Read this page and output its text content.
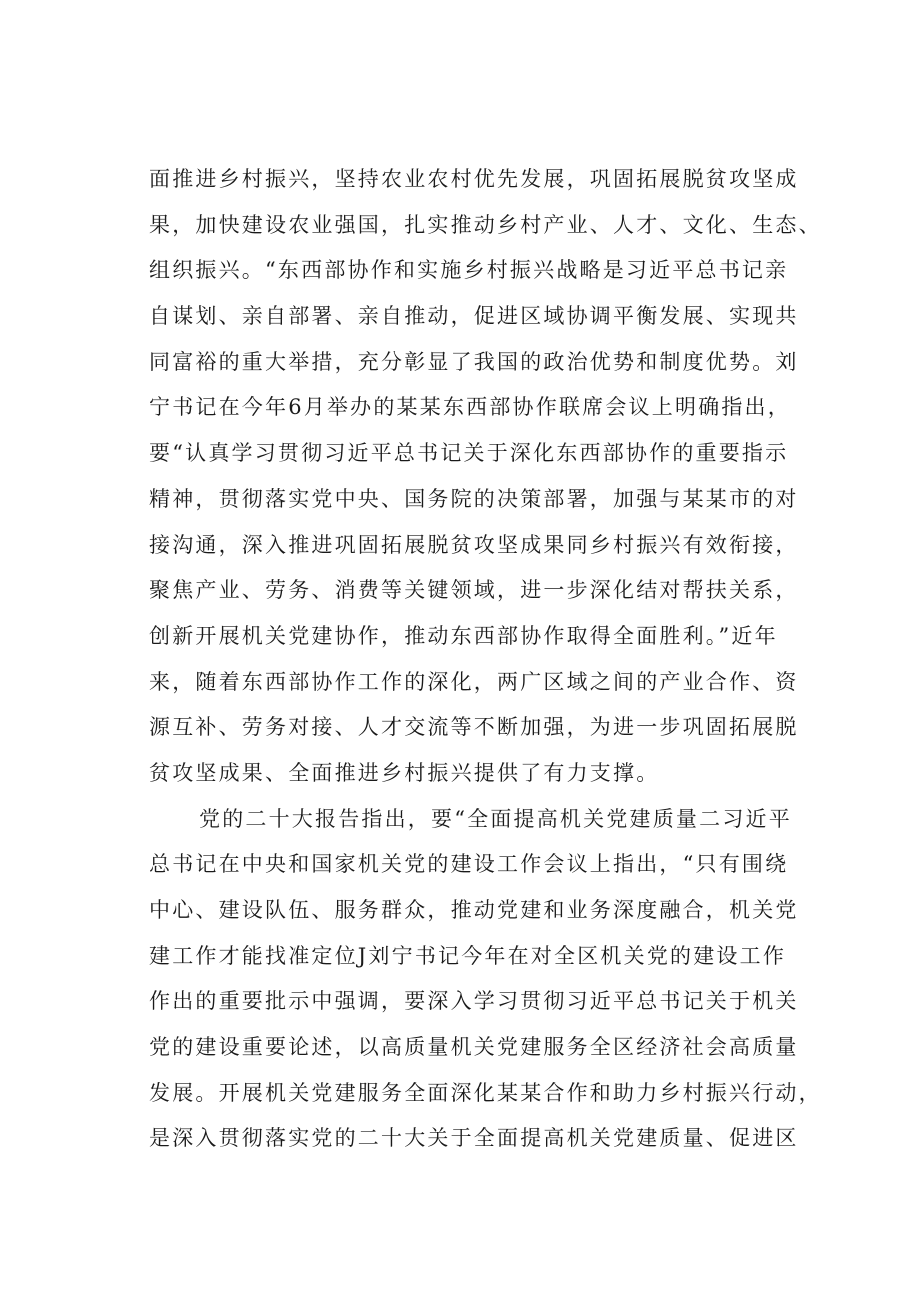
面推进乡村振兴，坚持农业农村优先发展，巩固拓展脱贫攻坚成
果，加快建设农业强国，扎实推动乡村产业、人才、文化、生态、
组织振兴。“东西部协作和实施乡村振兴战略是习近平总书记亲
自谋划、亲自部署、亲自推动，促进区域协调平衡发展、实现共
同富裕的重大举措，充分彰显了我国的政治优势和制度优势。刘
宁书记在今年6月举办的某某东西部协作联席会议上明确指出，
要“认真学习贯彻习近平总书记关于深化东西部协作的重要指示
精神，贯彻落实党中央、国务院的决策部署，加强与某某市的对
接沟通，深入推进巩固拓展脱贫攻坚成果同乡村振兴有效衔接，
聚焦产业、劳务、消费等关键领域，进一步深化结对帮扶关系，
创新开展机关党建协作，推动东西部协作取得全面胜利。”近年
来，随着东西部协作工作的深化，两广区域之间的产业合作、资
源互补、劳务对接、人才交流等不断加强，为进一步巩固拓展脱
贫攻坚成果、全面推进乡村振兴提供了有力支撑。
党的二十大报告指出，要“全面提高机关党建质量二习近平
总书记在中央和国家机关党的建设工作会议上指出，“只有围绕
中心、建设队伍、服务群众，推动党建和业务深度融合，机关党
建工作才能找准定位J刘宁书记今年在对全区机关党的建设工作
作出的重要批示中强调，要深入学习贯彻习近平总书记关于机关
党的建设重要论述，以高质量机关党建服务全区经济社会高质量
发展。开展机关党建服务全面深化某某合作和助力乡村振兴行动，
是深入贯彻落实党的二十大关于全面提高机关党建质量、促进区
